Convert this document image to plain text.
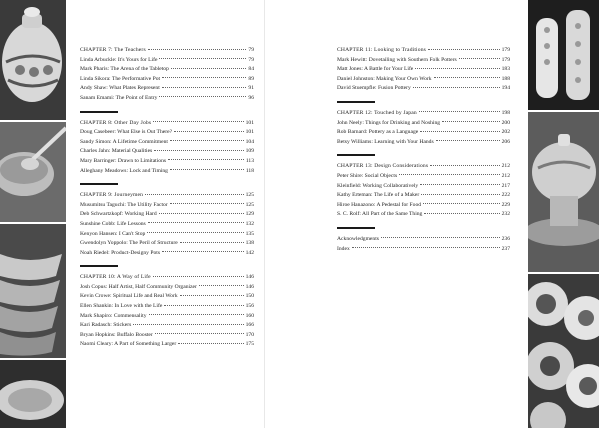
CHAPTER 7: The Teachers	79
Linda Arbuckle: It's Yours for Life	79
Mark Pharis: The Arena of the Tabletop	84
Linda Sikora: The Performative Pot	89
Andy Shaw: What Plates Represent	91
Sanam Emami: The Point of Entry	96
CHAPTER 8: Other Day Jobs	101
Doug Casebeer: What Else is Out There?	101
Sandy Simon: A Lifetime Commitment	104
Charles Jahn: Material Qualities	109
Mary Barringer: Drawn to Limitations	113
Alleghany Meadows: Lock and Timing	118
CHAPTER 9: Journeymen	125
Musumitsu Taguchi: The Utility Factor	125
Deb Schwartzkopf: Working Hard	129
Sunshine Cobb: Life Lessons	132
Kenyon Hansen: I Can't Stop	135
Gwendolyn Yoppolo: The Peril of Structure	138
Noah Riedel: Product-Designy Pots	142
CHAPTER 10: A Way of Life	146
Josh Copus: Half Artist, Half Community Organizer	146
Kevin Crowe: Spiritual Life and Real Work	150
Ellen Shankin: In Love with the Life	156
Mark Shapiro: Commensality	160
Kari Radasch: Stickers	166
Bryan Hopkins: Buffalo Booster	170
Naomi Cleary: A Part of Something Larger	175
CHAPTER 11: Looking to Traditions	179
Mark Hewitt: Dovetailing with Southern Folk Potters	179
Matt Jones: A Battle for Your Life	183
Daniel Johnston: Making Your Own Work	188
David Stuempfle: Fusion Pottery	194
CHAPTER 12: Touched by Japan	198
John Neely: Things for Drinking and Noshing	200
Rob Barnard: Pottery as a Language	202
Betsy Williams: Learning with Your Hands	206
CHAPTER 13: Design Considerations	212
Peter Shire: Social Objects	212
Kleinfield: Working Collaboratively	217
Kathy Erteman: The Life of a Maker	222
Hiroe Hanazono: A Pedestal for Food	229
S. C. Rolf: All Part of the Same Thing	232
Acknowledgments	236
Index	237
